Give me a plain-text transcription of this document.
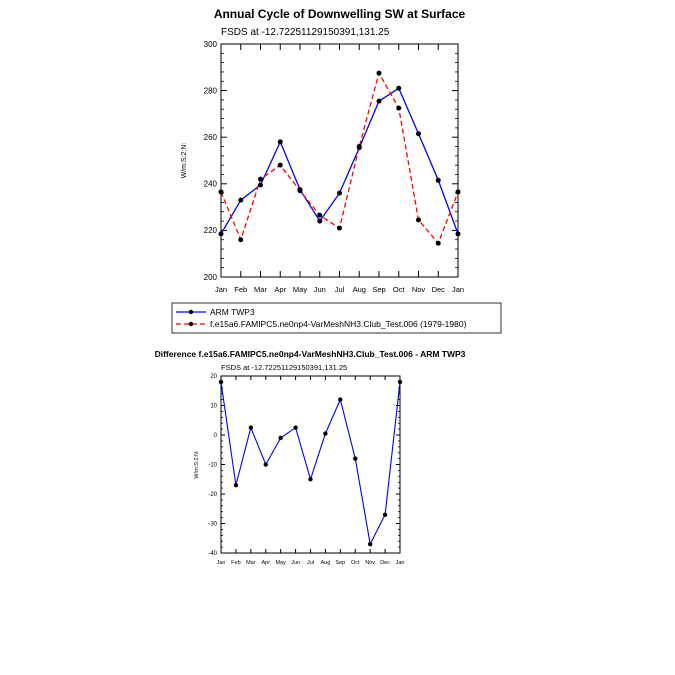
Annual Cycle of Downwelling SW at Surface
FSDS at -12.72251129150391,131.25
W/m:S:2:N:
200
220
240
260
280
300
Jan Feb Mar Apr May Jun Jul Aug Sep Oct Nov Dec Jan
ARM TWP3
f.e15a6.FAMIPC5.ne0np4-VarMeshNH3.Club_Test.006 (1979-1980)
Difference f.e15a6.FAMIPC5.ne0np4-VarMeshNH3.Club_Test.006 - ARM TWP3
FSDS at -12.72251129150391,131.25
W/m:S:2:N:
-40
-30
-20
-10
0
10
20
Jan Feb Mar Apr May Jun Jul Aug Sep Oct Nov Dec Jan
